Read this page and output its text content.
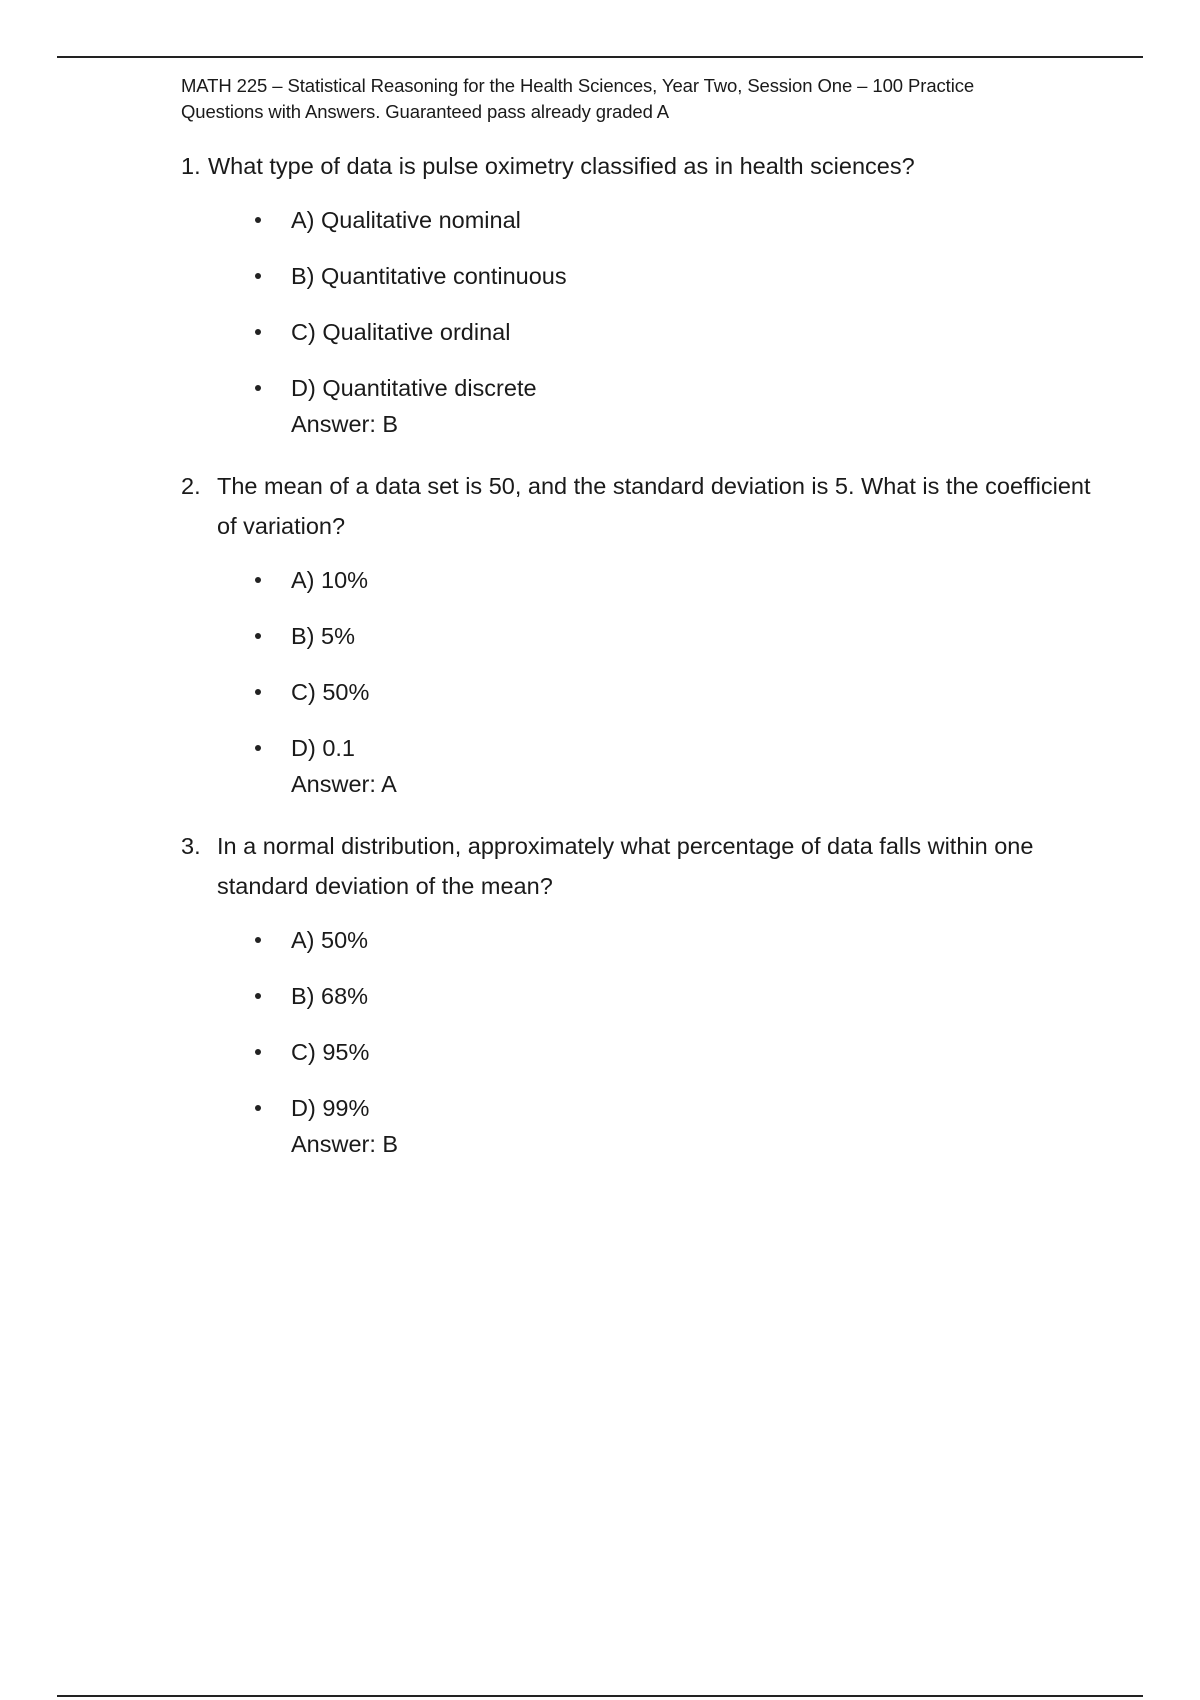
MATH 225 – Statistical Reasoning for the Health Sciences, Year Two, Session One – 100 Practice
Questions with Answers. Guaranteed pass already graded A
1. What type of data is pulse oximetry classified as in health sciences?
A) Qualitative nominal
B) Quantitative continuous
C) Qualitative ordinal
D) Quantitative discrete
Answer: B
2. The mean of a data set is 50, and the standard deviation is 5. What is the coefficient of variation?
A) 10%
B) 5%
C) 50%
D) 0.1
Answer: A
3. In a normal distribution, approximately what percentage of data falls within one standard deviation of the mean?
A) 50%
B) 68%
C) 95%
D) 99%
Answer: B
